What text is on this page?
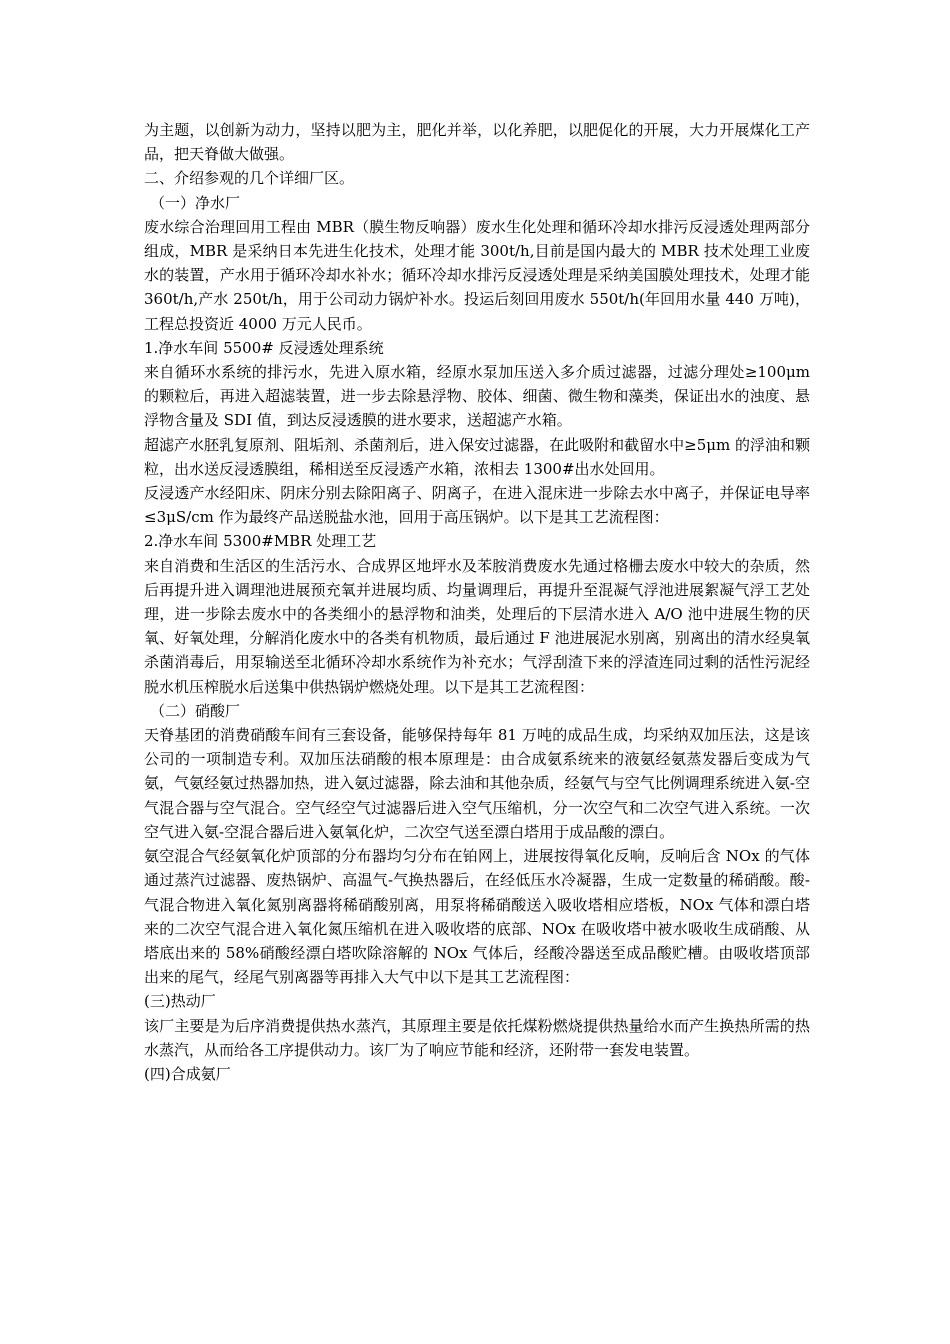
为主题，以创新为动力，坚持以肥为主，肥化并举，以化养肥，以肥促化的开展，大力开展煤化工产品，把天脊做大做强。

二、介绍参观的几个详细厂区。

（一）净水厂

废水综合治理回用工程由 MBR（膜生物反响器）废水生化处理和循环冷却水排污反浸透处理两部分组成，MBR 是采纳日本先进生化技术，处理才能 300t/h,目前是国内最大的 MBR 技术处理工业废水的装置，产水用于循环冷却水补水；循环冷却水排污反浸透处理是采纳美国膜处理技术，处理才能 360t/h,产水 250t/h，用于公司动力锅炉补水。投运后刻回用废水 550t/h(年回用水量 440 万吨)，工程总投资近 4000 万元人民币。

1.净水车间 5500# 反浸透处理系统

来自循环水系统的排污水，先进入原水箱，经原水泵加压送入多介质过滤器，过滤分理处≥100μm 的颗粒后，再进入超滤装置，进一步去除悬浮物、胶体、细菌、微生物和藻类，保证出水的浊度、悬浮物含量及 SDI 值，到达反浸透膜的进水要求，送超滤产水箱。

超滤产水胚乳复原剂、阻垢剂、杀菌剂后，进入保安过滤器，在此吸附和截留水中≥5μm 的浮油和颗粒，出水送反浸透膜组，稀相送至反浸透产水箱，浓相去 1300#出水处回用。

反浸透产水经阳床、阴床分别去除阳离子、阴离子，在进入混床进一步除去水中离子，并保证电导率≤3μS/cm 作为最终产品送脱盐水池，回用于高压锅炉。以下是其工艺流程图：

2.净水车间 5300#MBR 处理工艺

来自消费和生活区的生活污水、合成界区地坪水及苯胺消费废水先通过格栅去废水中较大的杂质，然后再提升进入调理池进展预充氧并进展均质、均量调理后，再提升至混凝气浮池进展絮凝气浮工艺处理，进一步除去废水中的各类细小的悬浮物和油类，处理后的下层清水进入 A/O 池中进展生物的厌氧、好氧处理，分解消化废水中的各类有机物质，最后通过 F 池进展泥水别离，别离出的清水经臭氧杀菌消毒后，用泵输送至北循环冷却水系统作为补充水；气浮刮渣下来的浮渣连同过剩的活性污泥经脱水机压榨脱水后送集中供热锅炉燃烧处理。以下是其工艺流程图：

（二）硝酸厂

天脊基团的消费硝酸车间有三套设备，能够保持每年 81 万吨的成品生成，均采纳双加压法，这是该公司的一项制造专利。双加压法硝酸的根本原理是：由合成氨系统来的液氨经氨蒸发器后变成为气氨，气氨经氨过热器加热，进入氨过滤器，除去油和其他杂质，经氨气与空气比例调理系统进入氨-空气混合器与空气混合。空气经空气过滤器后进入空气压缩机，分一次空气和二次空气进入系统。一次空气进入氨-空混合器后进入氨氧化炉，二次空气送至漂白塔用于成品酸的漂白。

氨空混合气经氨氧化炉顶部的分布器均匀分布在铂网上，进展按得氧化反响，反响后含 NOx 的气体通过蒸汽过滤器、废热锅炉、高温气-气换热器后，在经低压水冷凝器，生成一定数量的稀硝酸。酸-气混合物进入氧化氮别离器将稀硝酸别离，用泵将稀硝酸送入吸收塔相应塔板，NOx 气体和漂白塔来的二次空气混合进入氧化氮压缩机在进入吸收塔的底部、NOx 在吸收塔中被水吸收生成硝酸、从塔底出来的 58%硝酸经漂白塔吹除溶解的 NOx 气体后，经酸冷器送至成品酸贮槽。由吸收塔顶部出来的尾气，经尾气别离器等再排入大气中以下是其工艺流程图：

(三)热动厂

该厂主要是为后序消费提供热水蒸汽，其原理主要是依托煤粉燃烧提供热量给水而产生换热所需的热水蒸汽，从而给各工序提供动力。该厂为了响应节能和经济，还附带一套发电装置。

(四)合成氨厂
